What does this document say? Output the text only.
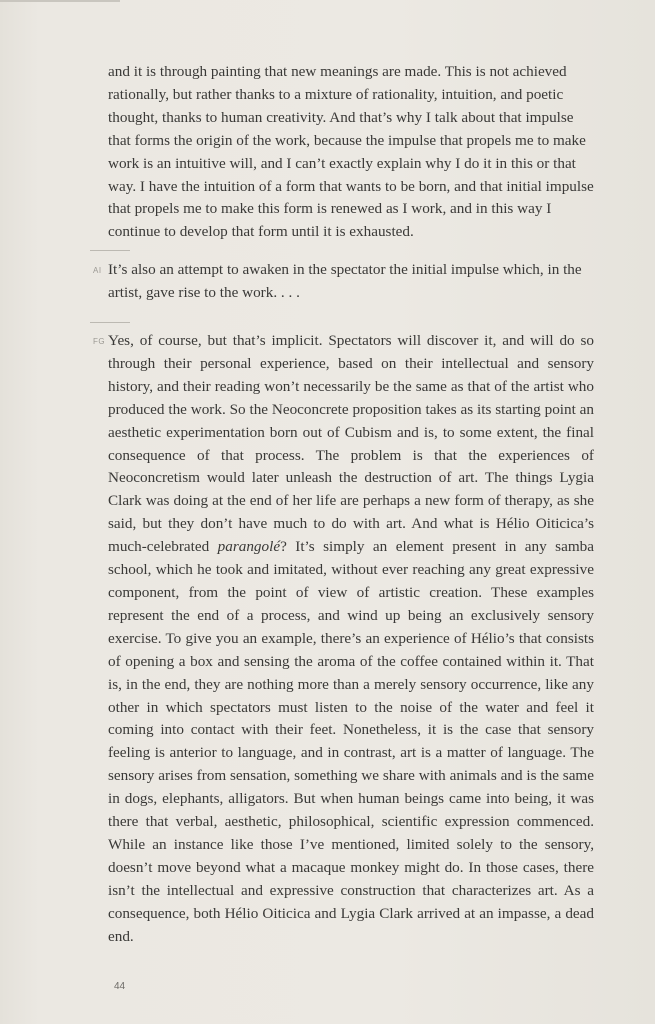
and it is through painting that new meanings are made. This is not achieved rationally, but rather thanks to a mixture of rationality, intuition, and poetic thought, thanks to human creativity. And that’s why I talk about that impulse that forms the origin of the work, because the impulse that propels me to make work is an intuitive will, and I can’t exactly explain why I do it in this or that way. I have the intuition of a form that wants to be born, and that initial impulse that propels me to make this form is renewed as I work, and in this way I continue to develop that form until it is exhausted.

AI It’s also an attempt to awaken in the spectator the initial impulse which, in the artist, gave rise to the work. . . .

FG Yes, of course, but that’s implicit. Spectators will discover it, and will do so through their personal experience, based on their intellectual and sensory history, and their reading won’t necessarily be the same as that of the artist who produced the work. So the Neoconcrete proposition takes as its starting point an aesthetic experimentation born out of Cubism and is, to some extent, the final consequence of that process. The problem is that the experiences of Neoconcretism would later unleash the destruction of art. The things Lygia Clark was doing at the end of her life are perhaps a new form of therapy, as she said, but they don’t have much to do with art. And what is Hélio Oiticica’s much-celebrated parangolé? It’s simply an element present in any samba school, which he took and imitated, without ever reaching any great expressive component, from the point of view of artistic creation. These examples represent the end of a process, and wind up being an exclusively sensory exercise. To give you an example, there’s an experience of Hélio’s that consists of opening a box and sensing the aroma of the coffee contained within it. That is, in the end, they are nothing more than a merely sensory occurrence, like any other in which spectators must listen to the noise of the water and feel it coming into contact with their feet. Nonetheless, it is the case that sensory feeling is anterior to language, and in contrast, art is a matter of language. The sensory arises from sensation, something we share with animals and is the same in dogs, elephants, alligators. But when human beings came into being, it was there that verbal, aesthetic, philosophical, scientific expression commenced. While an instance like those I’ve mentioned, limited solely to the sensory, doesn’t move beyond what a macaque monkey might do. In those cases, there isn’t the intellectual and expressive construction that characterizes art. As a consequence, both Hélio Oiticica and Lygia Clark arrived at an impasse, a dead end.

44
